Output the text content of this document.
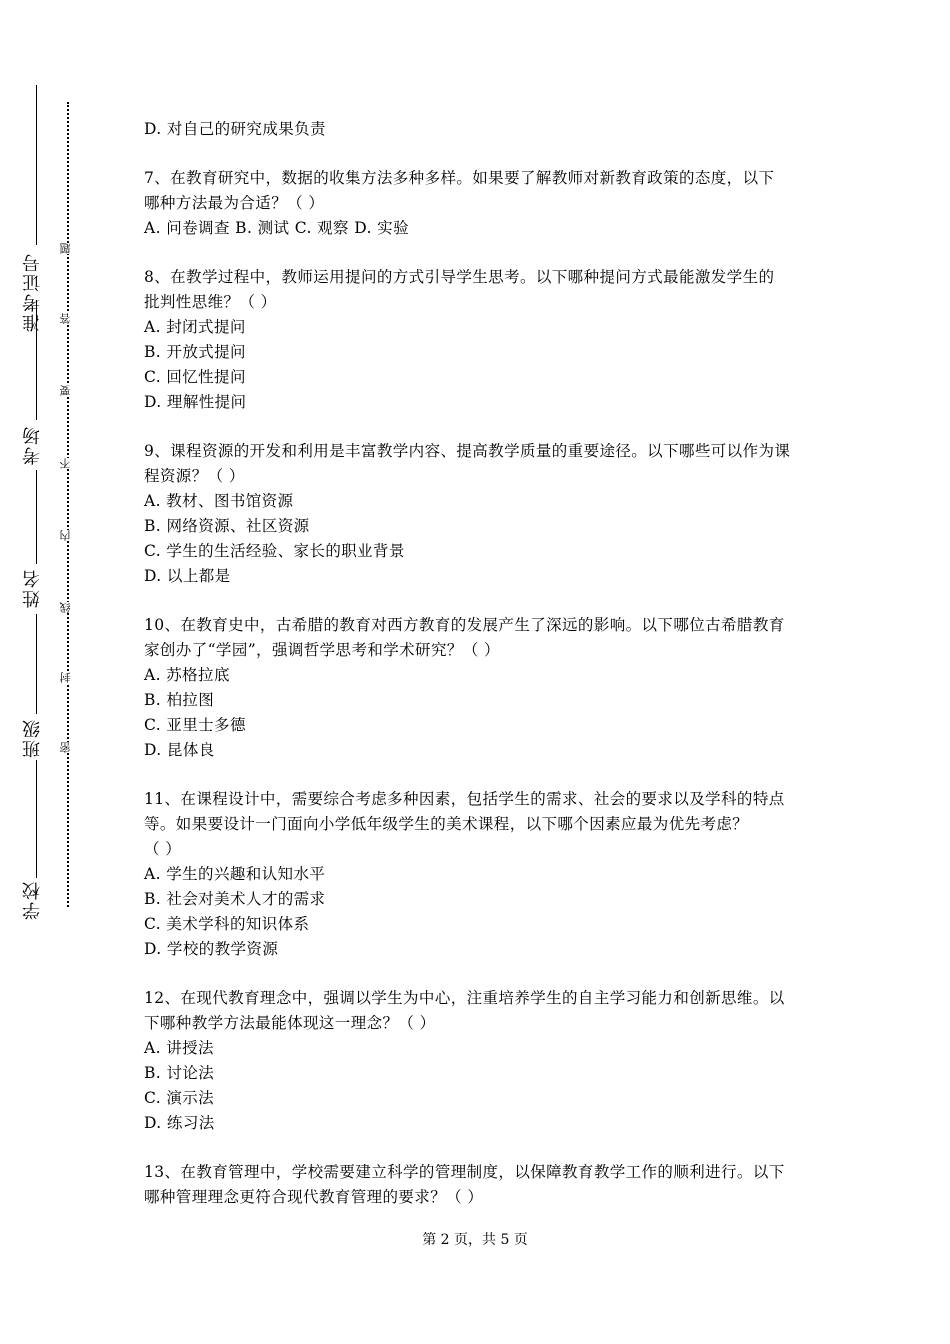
学校
班级
姓名
考场
准考证号
密
封
线
内
不
要
答
题
D. 对自己的研究成果负责
7、在教育研究中，数据的收集方法多种多样。如果要了解教师对新教育政策的态度，以下
哪种方法最为合适？（ ）
A. 问卷调查 B. 测试 C. 观察 D. 实验
8、在教学过程中，教师运用提问的方式引导学生思考。以下哪种提问方式最能激发学生的
批判性思维？（ ）
A. 封闭式提问
B. 开放式提问
C. 回忆性提问
D. 理解性提问
9、课程资源的开发和利用是丰富教学内容、提高教学质量的重要途径。以下哪些可以作为课
程资源？（ ）
A. 教材、图书馆资源
B. 网络资源、社区资源
C. 学生的生活经验、家长的职业背景
D. 以上都是
10、在教育史中，古希腊的教育对西方教育的发展产生了深远的影响。以下哪位古希腊教育
家创办了“学园”，强调哲学思考和学术研究？（ ）
A. 苏格拉底
B. 柏拉图
C. 亚里士多德
D. 昆体良
11、在课程设计中，需要综合考虑多种因素，包括学生的需求、社会的要求以及学科的特点
等。如果要设计一门面向小学低年级学生的美术课程，以下哪个因素应最为优先考虑？
（ ）
A. 学生的兴趣和认知水平
B. 社会对美术人才的需求
C. 美术学科的知识体系
D. 学校的教学资源
12、在现代教育理念中，强调以学生为中心，注重培养学生的自主学习能力和创新思维。以
下哪种教学方法最能体现这一理念？（ ）
A. 讲授法
B. 讨论法
C. 演示法
D. 练习法
13、在教育管理中，学校需要建立科学的管理制度，以保障教育教学工作的顺利进行。以下
哪种管理理念更符合现代教育管理的要求？（ ）
第 2 页，共 5 页
